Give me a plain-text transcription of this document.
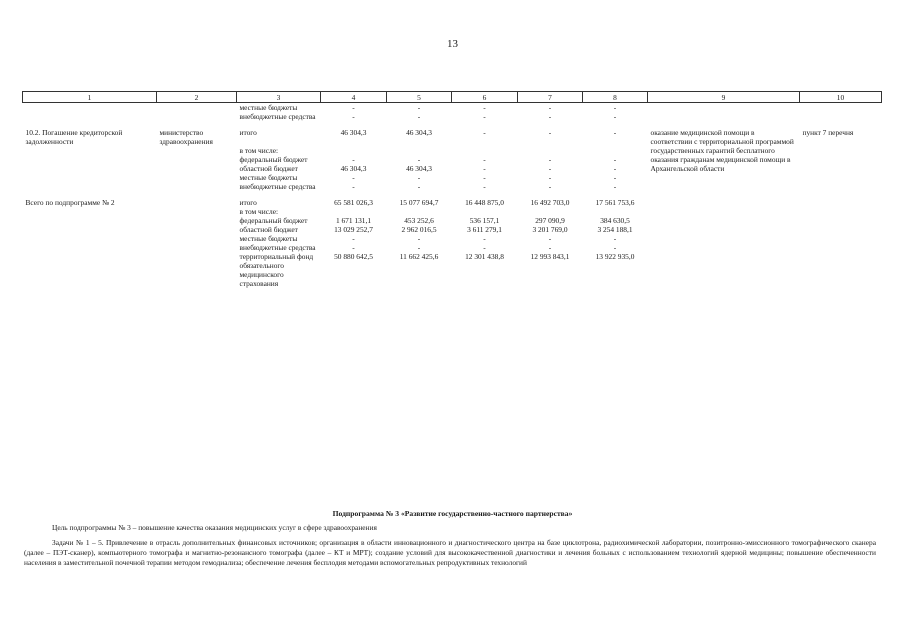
13
1	2	3	4	5	6	7	8	9	10
		местные бюджеты	-	-	-	-	-		
		внебюджетные средства	-	-	-	-	-		

10.2. Погашение кредиторской задолженности	министерство здравоохранения	итого	46 304,3	46 304,3	-	-	-	оказание медицинской помощи в соответствии с территориальной программой государственных гарантий бесплатного оказания гражданам медицинской помощи в Архангельской области	пункт 7 перечня
		в том числе:							
		федеральный бюджет	-	-	-	-	-		
		областной бюджет	46 304,3	46 304,3	-	-	-		
		местные бюджеты	-	-	-	-	-		
		внебюджетные средства	-	-	-	-	-		

Всего по подпрограмме № 2		итого	65 581 026,3	15 077 694,7	16 448 875,0	16 492 703,0	17 561 753,6		
		в том числе:							
		федеральный бюджет	1 671 131,1	453 252,6	536 157,1	297 090,9	384 630,5		
		областной бюджет	13 029 252,7	2 962 016,5	3 611 279,1	3 201 769,0	3 254 188,1		
		местные бюджеты	-	-	-	-	-		
		внебюджетные средства	-	-	-	-	-		
		территориальный фонд обязательного медицинского страхования	50 880 642,5	11 662 425,6	12 301 438,8	12 993 843,1	13 922 935,0		
Подпрограмма № 3 «Развитие государственно-частного партнерства»
Цель подпрограммы № 3 – повышение качества оказания медицинских услуг в сфере здравоохранения
Задачи № 1 – 5. Привлечение в отрасль дополнительных финансовых источников; организация в области инновационного и диагностического центра на базе циклотрона, радиохимической лаборатории, позитронно-эмиссионного томографического сканера (далее – ПЭТ-сканер), компьютерного томографа и магнитно-резонансного томографа (далее – КТ и МРТ); создание условий для высококачественной диагностики и лечения больных с использованием технологий ядерной медицины; повышение обеспеченности населения в заместительной почечной терапии методом гемодиализа; обеспечение лечения бесплодия методами вспомогательных репродуктивных технологий
